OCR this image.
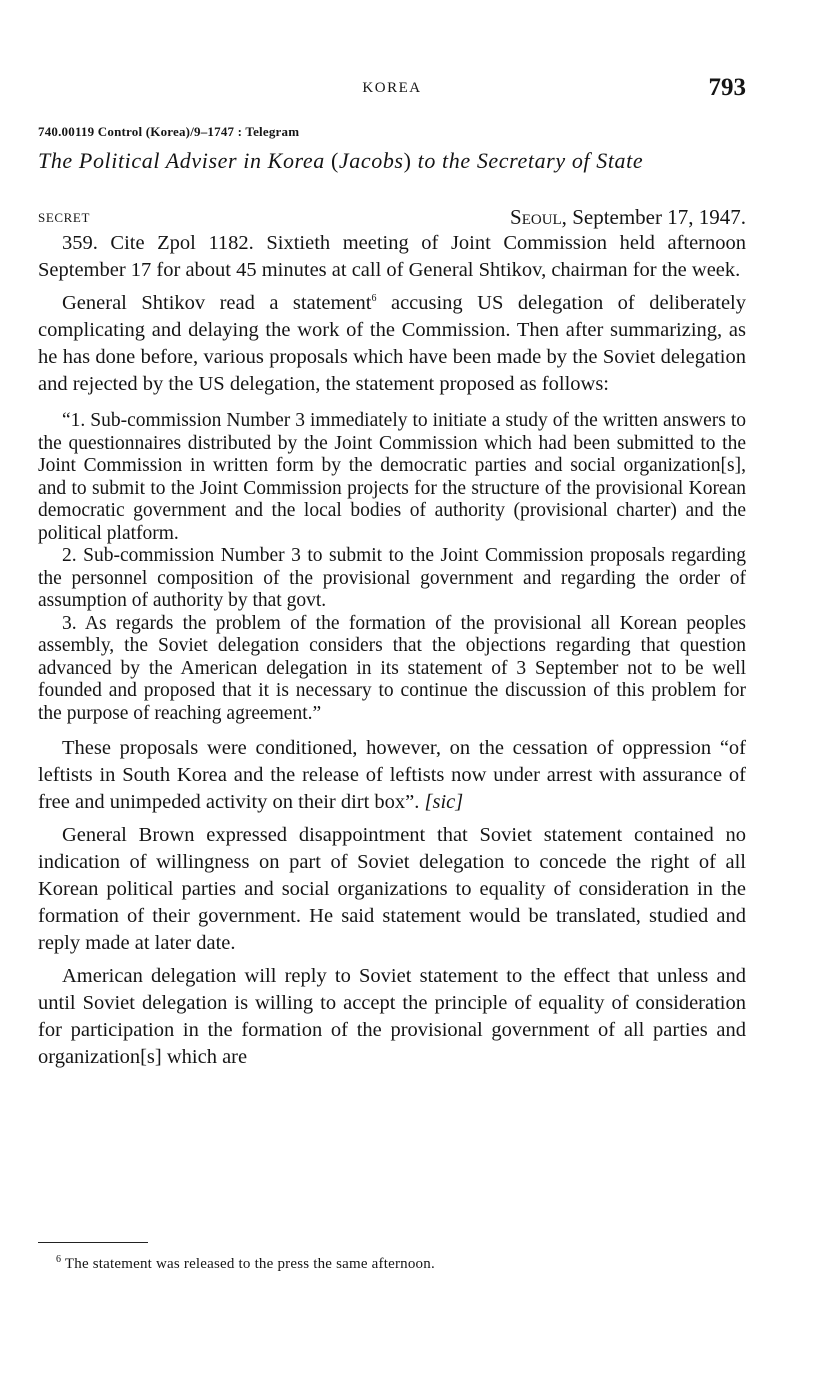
KOREA	793
740.00119 Control (Korea)/9–1747 : Telegram
The Political Adviser in Korea (Jacobs) to the Secretary of State
SECRET	Seoul, September 17, 1947.

359. Cite Zpol 1182. Sixtieth meeting of Joint Commission held afternoon September 17 for about 45 minutes at call of General Shtikov, chairman for the week.

General Shtikov read a statement$^6$ accusing US delegation of deliberately complicating and delaying the work of the Commission. Then after summarizing, as he has done before, various proposals which have been made by the Soviet delegation and rejected by the US delegation, the statement proposed as follows:

“1. Sub-commission Number 3 immediately to initiate a study of the written answers to the questionnaires distributed by the Joint Commission which had been submitted to the Joint Commission in written form by the democratic parties and social organization[s], and to submit to the Joint Commission projects for the structure of the provisional Korean democratic government and the local bodies of authority (provisional charter) and the political platform.

2. Sub-commission Number 3 to submit to the Joint Commission proposals regarding the personnel composition of the provisional government and regarding the order of assumption of authority by that govt.

3. As regards the problem of the formation of the provisional all Korean peoples assembly, the Soviet delegation considers that the objections regarding that question advanced by the American delegation in its statement of 3 September not to be well founded and proposed that it is necessary to continue the discussion of this problem for the purpose of reaching agreement.”

These proposals were conditioned, however, on the cessation of oppression “of leftists in South Korea and the release of leftists now under arrest with assurance of free and unimpeded activity on their dirt box”. [sic]

General Brown expressed disappointment that Soviet statement contained no indication of willingness on part of Soviet delegation to concede the right of all Korean political parties and social organizations to equality of consideration in the formation of their government. He said statement would be translated, studied and reply made at later date.

American delegation will reply to Soviet statement to the effect that unless and until Soviet delegation is willing to accept the principle of equality of consideration for participation in the formation of the provisional government of all parties and organization[s] which are

$^6$ The statement was released to the press the same afternoon.
